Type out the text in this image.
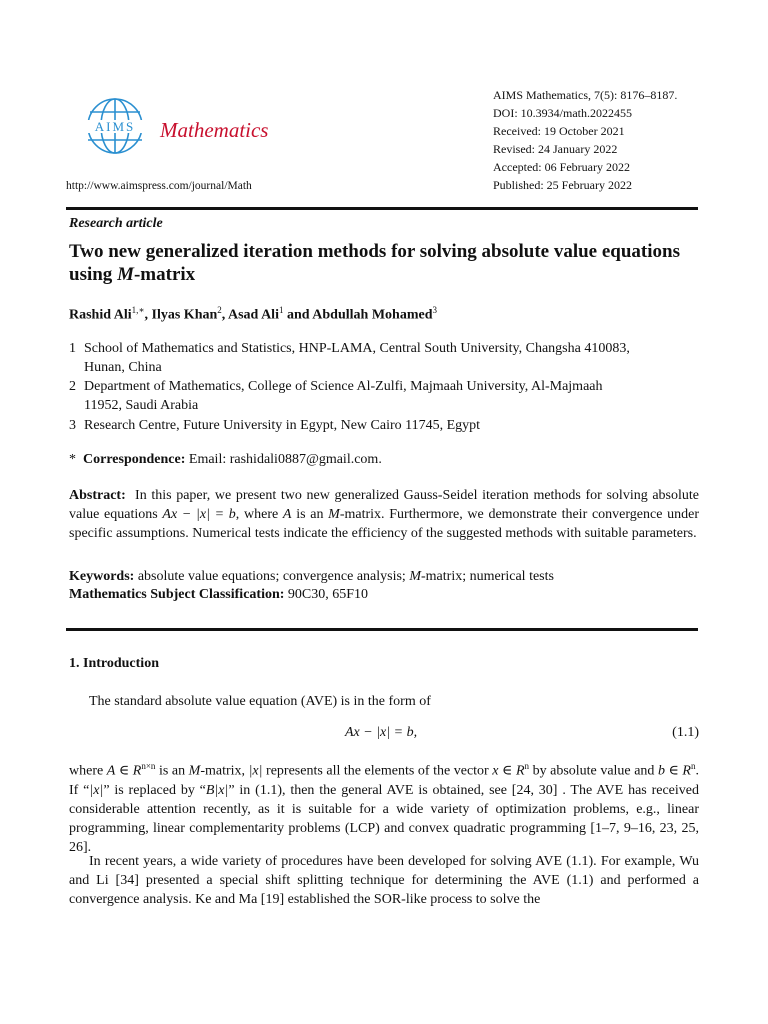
AIMS Mathematics
http://www.aimspress.com/journal/Math
AIMS Mathematics, 7(5): 8176–8187.
DOI: 10.3934/math.2022455
Received: 19 October 2021
Revised: 24 January 2022
Accepted: 06 February 2022
Published: 25 February 2022
Research article
Two new generalized iteration methods for solving absolute value equations
using M-matrix
Rashid Ali$^{1,∗}$, Ilyas Khan$^2$, Asad Ali$^1$ and Abdullah Mohamed$^3$
1 School of Mathematics and Statistics, HNP-LAMA, Central South University, Changsha 410083,
Hunan, China
2 Department of Mathematics, College of Science Al-Zulfi, Majmaah University, Al-Majmaah
11952, Saudi Arabia
3 Research Centre, Future University in Egypt, New Cairo 11745, Egypt
* Correspondence: Email: rashidali0887@gmail.com.
Abstract: In this paper, we present two new generalized Gauss-Seidel iteration methods for solving absolute value equations Ax − |x| = b, where A is an M-matrix. Furthermore, we demonstrate their convergence under specific assumptions. Numerical tests indicate the efficiency of the suggested methods with suitable parameters.
Keywords: absolute value equations; convergence analysis; M-matrix; numerical tests
Mathematics Subject Classification: 90C30, 65F10
1. Introduction
The standard absolute value equation (AVE) is in the form of
Ax − |x| = b,	(1.1)
where A ∈ $R^{n\times n}$ is an M-matrix, |x| represents all the elements of the vector x ∈ $R^n$ by absolute value and b ∈ $R^n$. If “|x|” is replaced by “B|x|” in (1.1), then the general AVE is obtained, see [24, 30] . The AVE has received considerable attention recently, as it is suitable for a wide variety of optimization problems, e.g., linear programming, linear complementarity problems (LCP) and convex quadratic programming [1–7, 9–16, 23, 25, 26].
In recent years, a wide variety of procedures have been developed for solving AVE (1.1). For example, Wu and Li [34] presented a special shift splitting technique for determining the AVE (1.1) and performed a convergence analysis. Ke and Ma [19] established the SOR-like process to solve the
